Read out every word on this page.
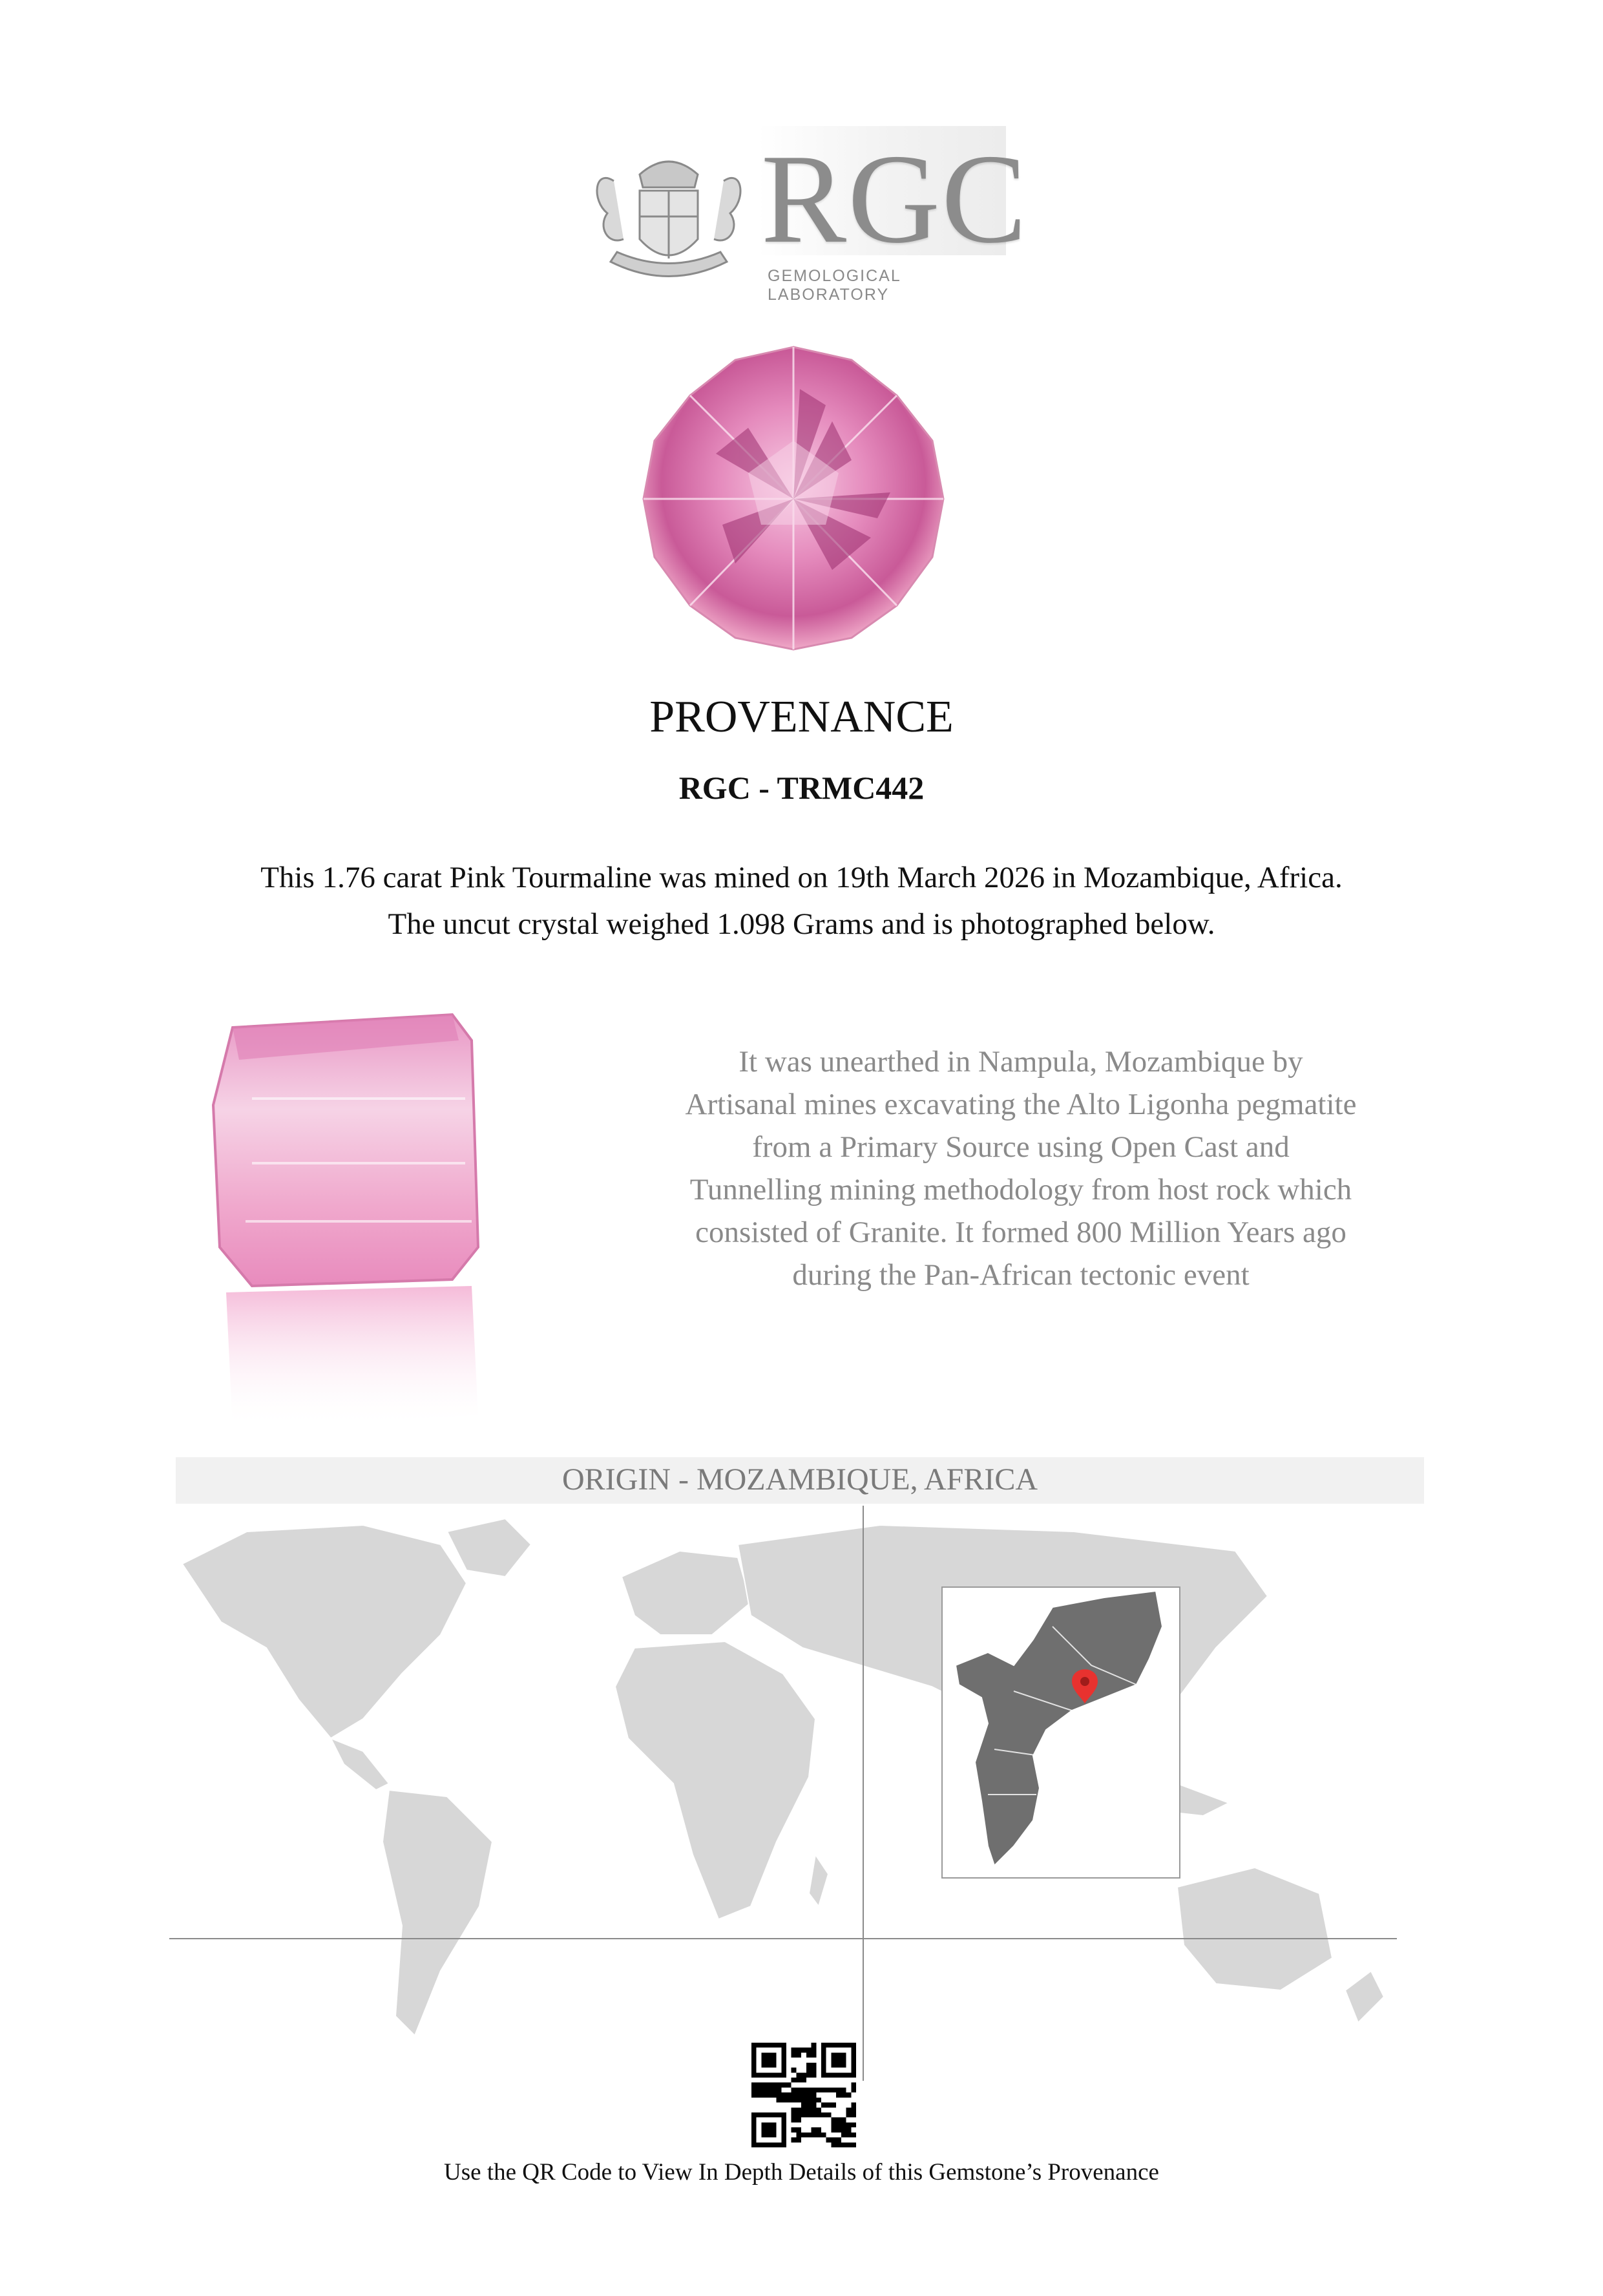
RGC
GEMOLOGICAL LABORATORY
PROVENANCE
RGC - TRMC442
This 1.76 carat Pink Tourmaline was mined on 19th March 2026 in Mozambique, Africa.
The uncut crystal weighed 1.098 Grams and is photographed below.
It was unearthed in Nampula, Mozambique by
Artisanal mines excavating the Alto Ligonha pegmatite
from a Primary Source using Open Cast and
Tunnelling mining methodology from host rock which
consisted of Granite. It formed 800 Million Years ago
during the Pan-African tectonic event
ORIGIN - MOZAMBIQUE, AFRICA
Use the QR Code to View In Depth Details of this Gemstone’s Provenance
